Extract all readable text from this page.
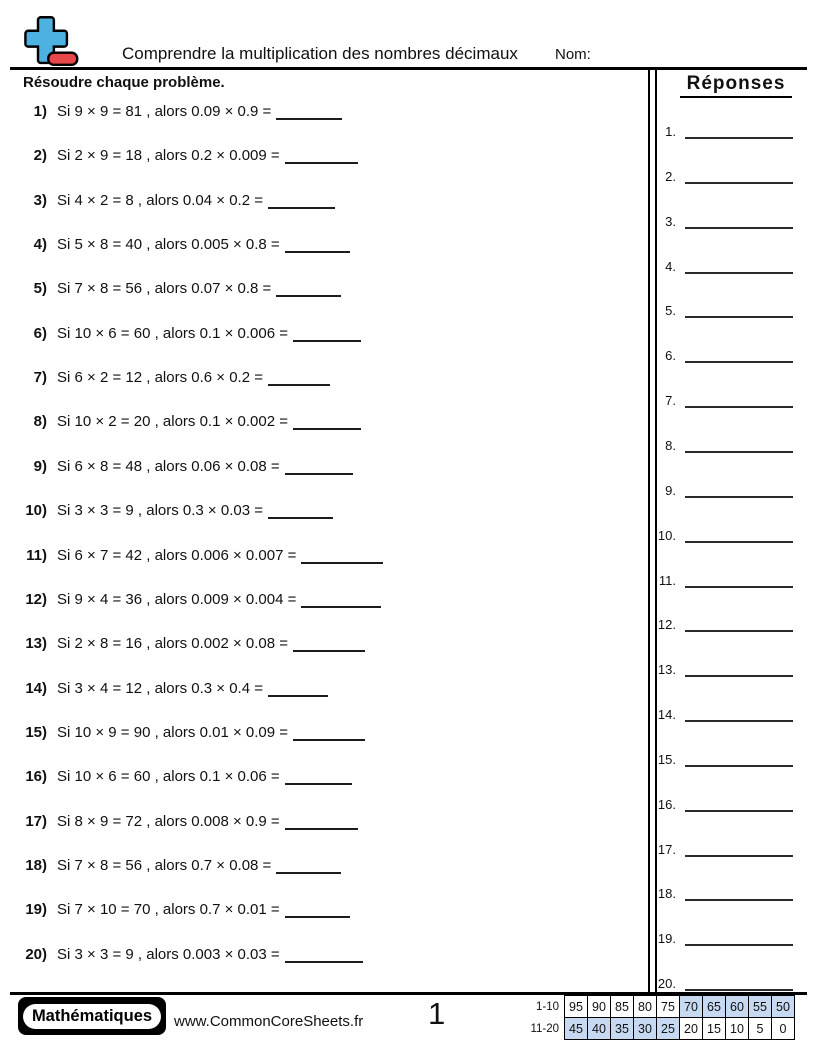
Comprendre la multiplication des nombres décimaux Nom:
Résoudre chaque problème.
1) Si 9 × 9 = 81 , alors 0.09 × 0.9 =
2) Si 2 × 9 = 18 , alors 0.2 × 0.009 =
3) Si 4 × 2 = 8 , alors 0.04 × 0.2 =
4) Si 5 × 8 = 40 , alors 0.005 × 0.8 =
5) Si 7 × 8 = 56 , alors 0.07 × 0.8 =
6) Si 10 × 6 = 60 , alors 0.1 × 0.006 =
7) Si 6 × 2 = 12 , alors 0.6 × 0.2 =
8) Si 10 × 2 = 20 , alors 0.1 × 0.002 =
9) Si 6 × 8 = 48 , alors 0.06 × 0.08 =
10) Si 3 × 3 = 9 , alors 0.3 × 0.03 =
11) Si 6 × 7 = 42 , alors 0.006 × 0.007 =
12) Si 9 × 4 = 36 , alors 0.009 × 0.004 =
13) Si 2 × 8 = 16 , alors 0.002 × 0.08 =
14) Si 3 × 4 = 12 , alors 0.3 × 0.4 =
15) Si 10 × 9 = 90 , alors 0.01 × 0.09 =
16) Si 10 × 6 = 60 , alors 0.1 × 0.06 =
17) Si 8 × 9 = 72 , alors 0.008 × 0.9 =
18) Si 7 × 8 = 56 , alors 0.7 × 0.08 =
19) Si 7 × 10 = 70 , alors 0.7 × 0.01 =
20) Si 3 × 3 = 9 , alors 0.003 × 0.03 =
Réponses
1.
2.
3.
4.
5.
6.
7.
8.
9.
10.
11.
12.
13.
14.
15.
16.
17.
18.
19.
20.
Mathématiques	www.CommonCoreSheets.fr 1	1-10 95 90 85 80 75 70 65 60 55 50
11-20 45 40 35 30 25 20 15 10	5	0
